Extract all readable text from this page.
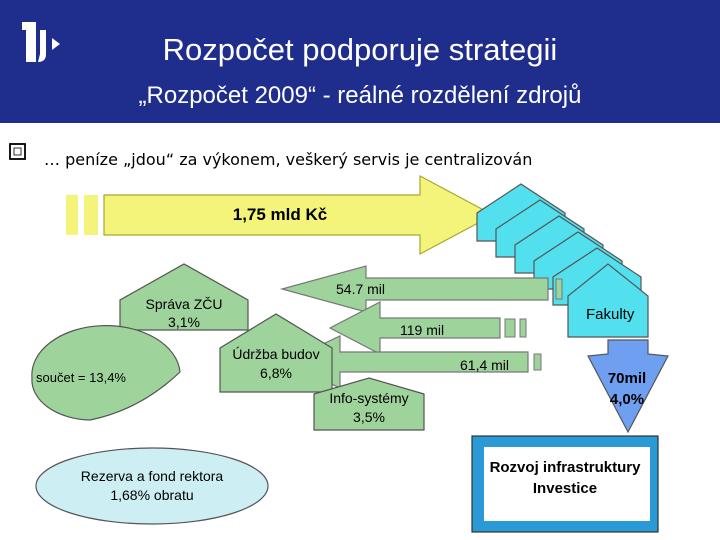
Rozpočet podporuje strategii
„Rozpočet 2009“ - reálné rozdělení zdrojů
… peníze „jdou“ za výkonem, veškerý servis je centralizován
1,75 mld Kč
54.7 mil
119 mil
61,4 mil
Správa ZČU
3,1%
součet = 13,4%
Údržba budov
6,8%
Info-systémy
3,5%
Rezerva a fond rektora
1,68% obratu
Fakulty
70mil
4,0%
Rozvoj infrastruktury
Investice
